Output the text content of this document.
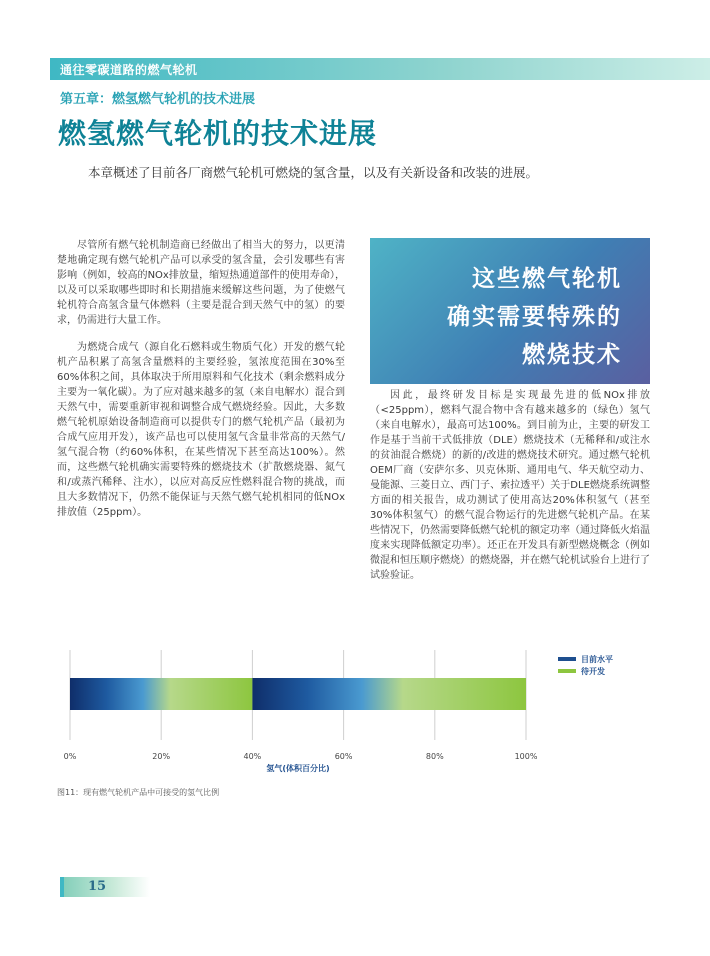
通往零碳道路的燃气轮机
第五章：燃氢燃气轮机的技术进展
燃氢燃气轮机的技术进展
本章概述了目前各厂商燃气轮机可燃烧的氢含量，以及有关新设备和改装的进展。

尽管所有燃气轮机制造商已经做出了相当大的努力，以更清楚地确定现有燃气轮机产品可以承受的氢含量，会引发哪些有害影响（例如，较高的NOx排放量，缩短热通道部件的使用寿命），以及可以采取哪些即时和长期措施来缓解这些问题，为了使燃气轮机符合高氢含量气体燃料（主要是混合到天然气中的氢）的要求，仍需进行大量工作。

为燃烧合成气（源自化石燃料或生物质气化）开发的燃气轮机产品积累了高氢含量燃料的主要经验，氢浓度范围在30%至60%体积之间，具体取决于所用原料和气化技术（剩余燃料成分主要为一氧化碳）。为了应对越来越多的氢（来自电解水）混合到天然气中，需要重新审视和调整合成气燃烧经验。因此，大多数燃气轮机原始设备制造商可以提供专门的燃气轮机产品（最初为合成气应用开发），该产品也可以使用氢气含量非常高的天然气/氢气混合物（约60%体积，在某些情况下甚至高达100%）。然而，这些燃气轮机确实需要特殊的燃烧技术（扩散燃烧器、氮气和/或蒸汽稀释、注水），以应对高反应性燃料混合物的挑战，而且大多数情况下，仍然不能保证与天然气燃气轮机相同的低NOx排放值（25ppm）。

这些燃气轮机
确实需要特殊的
燃烧技术

因此，最终研发目标是实现最先进的低NOx排放（<25ppm），燃料气混合物中含有越来越多的（绿色）氢气（来自电解水），最高可达100%。到目前为止，主要的研发工作是基于当前干式低排放（DLE）燃烧技术（无稀释和/或注水的贫油混合燃烧）的新的/改进的燃烧技术研究。通过燃气轮机OEM厂商（安萨尔多、贝克休斯、通用电气、华天航空动力、曼能源、三菱日立、西门子、索拉透平）关于DLE燃烧系统调整方面的相关报告，成功测试了使用高达20%体积氢气（甚至30%体积氢气）的燃气混合物运行的先进燃气轮机产品。在某些情况下，仍然需要降低燃气轮机的额定功率（通过降低火焰温度来实现降低额定功率）。还正在开发具有新型燃烧概念（例如微混和恒压顺序燃烧）的燃烧器，并在燃气轮机试验台上进行了试验验证。

0%	20%	40%	60%	80%	100%
氢气(体积百分比)
目前水平
待开发
图11：现有燃气轮机产品中可接受的氢气比例
15
